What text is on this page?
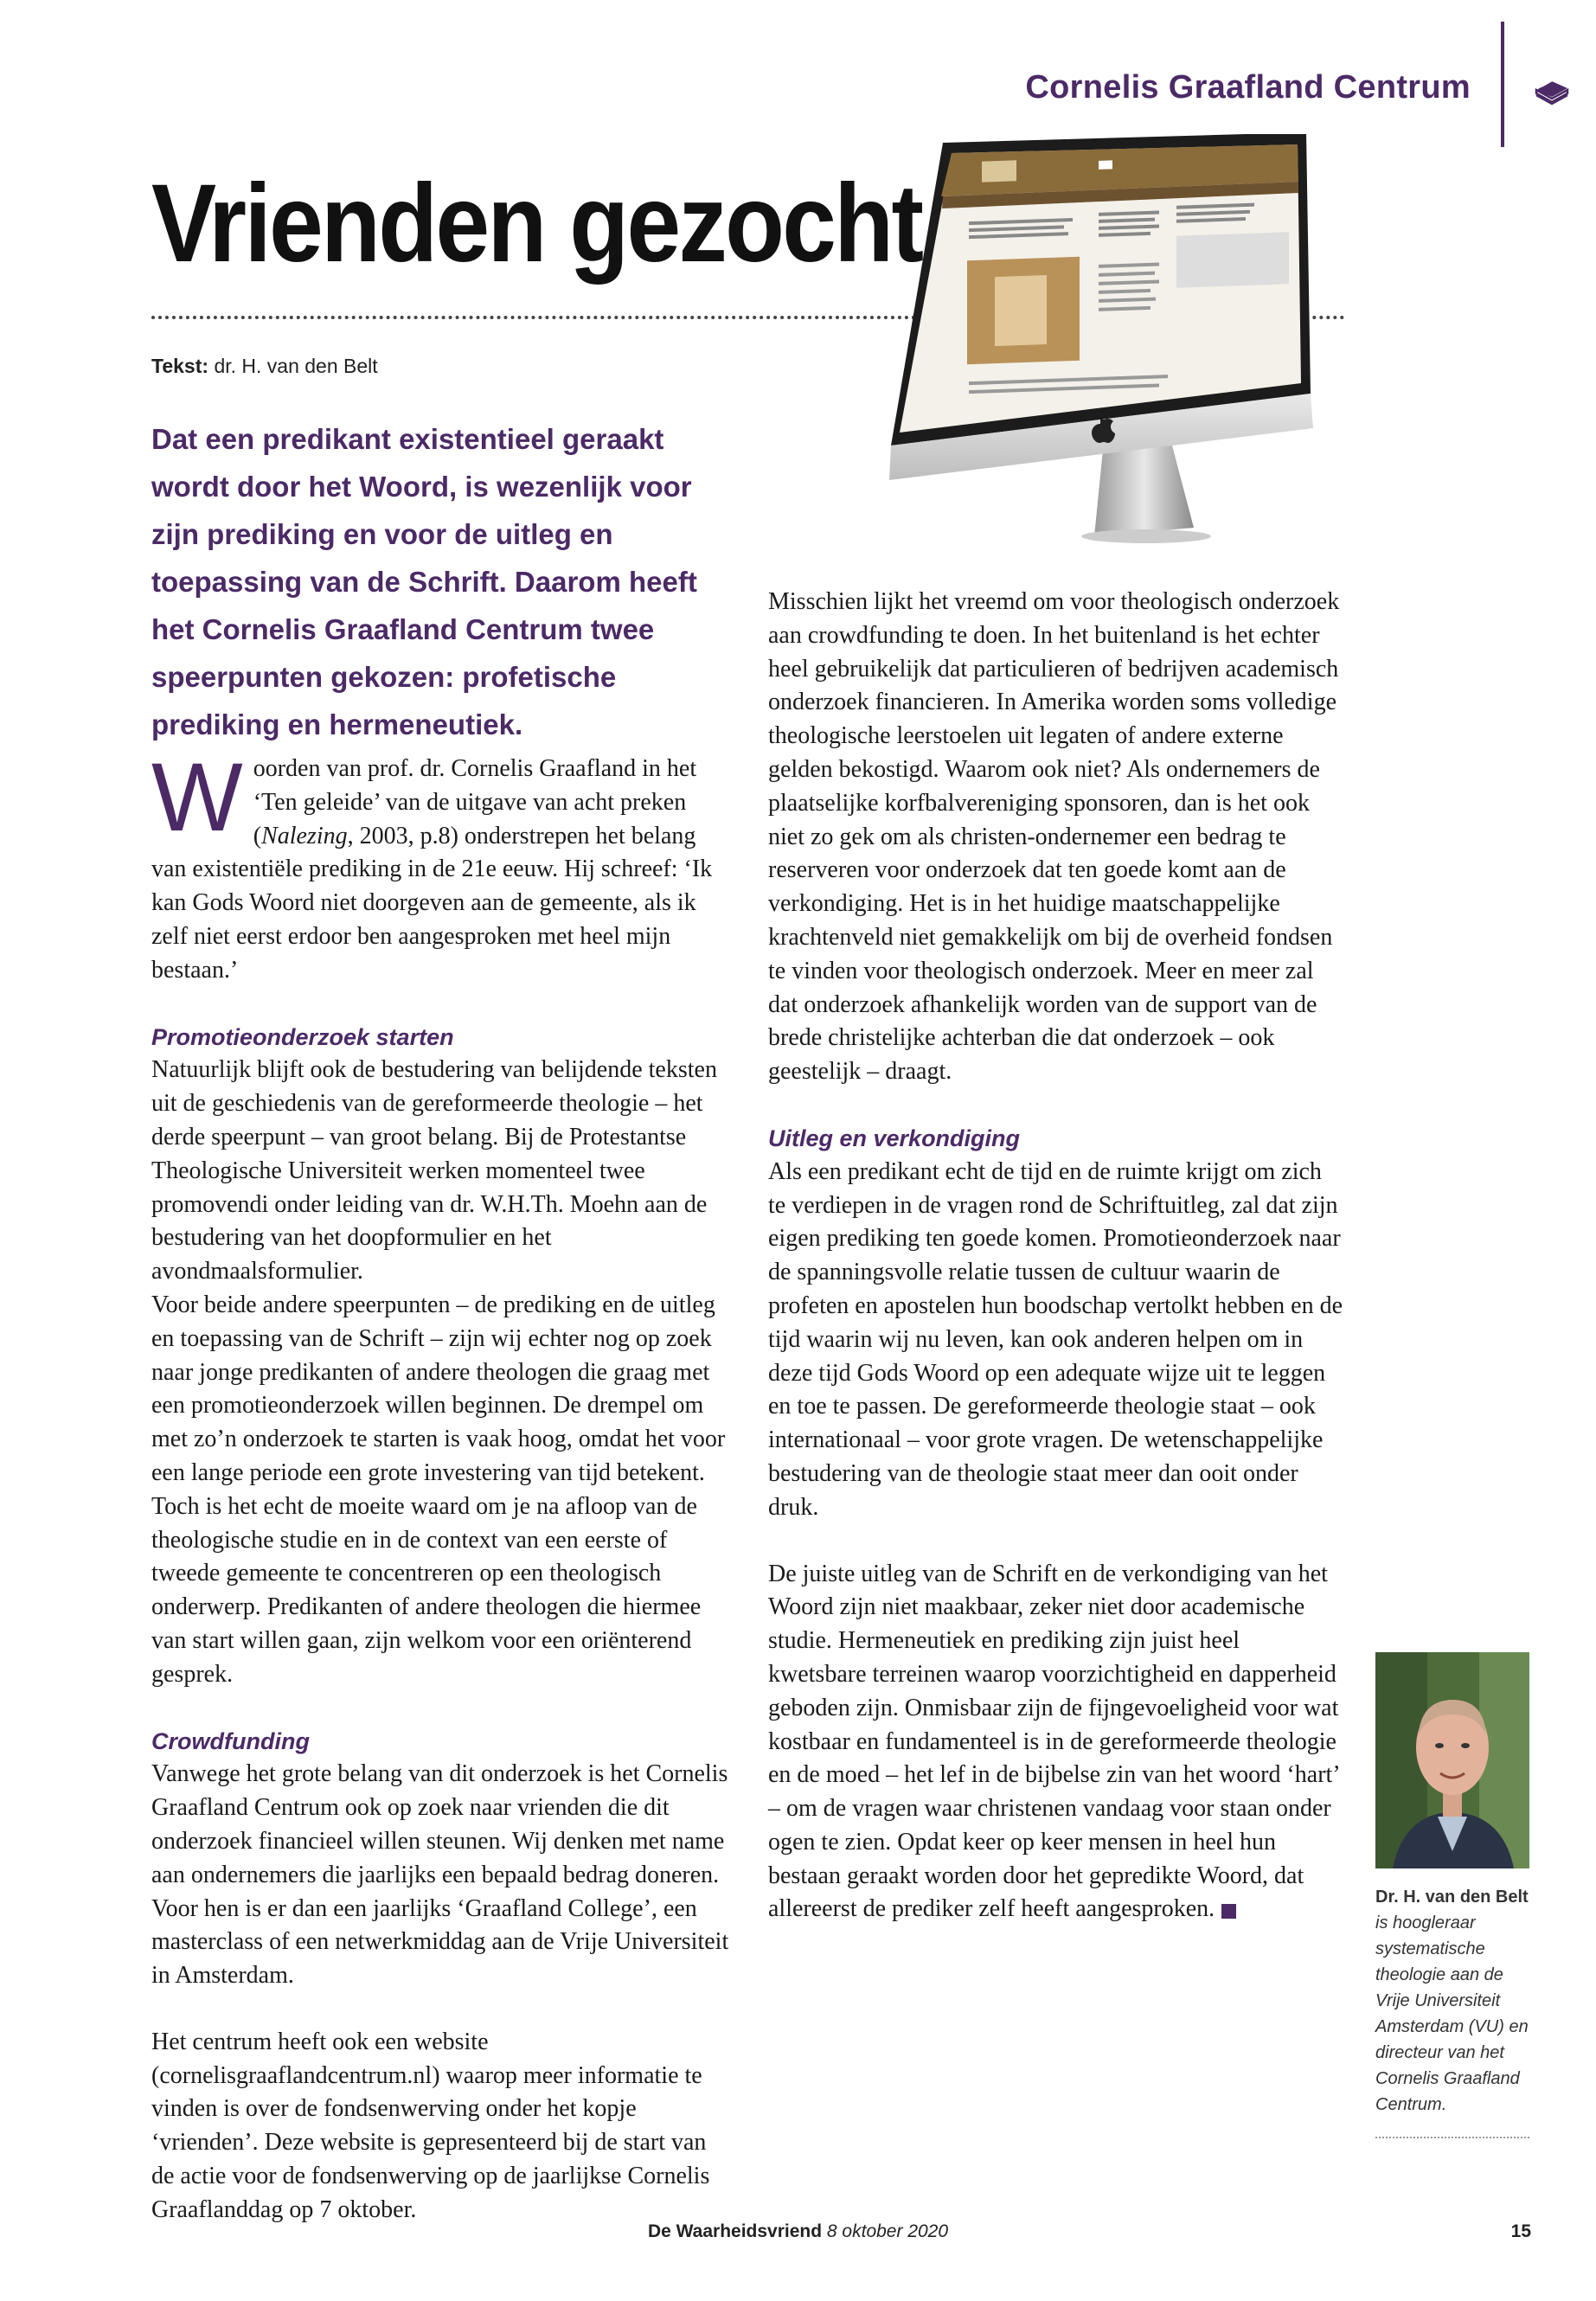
Cornelis Graafland Centrum
Vrienden gezocht
Tekst: dr. H. van den Belt
Dat een predikant existentieel geraakt wordt door het Woord, is wezenlijk voor zijn prediking en voor de uitleg en toepassing van de Schrift. Daarom heeft het Cornelis Graafland Centrum twee speerpunten gekozen: profetische prediking en hermeneutiek.

Woorden van prof. dr. Cornelis Graafland in het ‘Ten geleide’ van de uitgave van acht preken (Nalezing, 2003, p.8) onderstrepen het belang van existentiële prediking in de 21e eeuw. Hij schreef: ‘Ik kan Gods Woord niet doorgeven aan de gemeente, als ik zelf niet eerst erdoor ben aangesproken met heel mijn bestaan.’

Promotieonderzoek starten

Natuurlijk blijft ook de bestudering van belijdende teksten uit de geschiedenis van de gereformeerde theologie – het derde speerpunt – van groot belang. Bij de Protestantse Theologische Universiteit werken momenteel twee promovendi onder leiding van dr. W.H.Th. Moehn aan de bestudering van het doopformulier en het avondmaalsformulier.

Voor beide andere speerpunten – de prediking en de uitleg en toepassing van de Schrift – zijn wij echter nog op zoek naar jonge predikanten of andere theologen die graag met een promotieonderzoek willen beginnen. De drempel om met zo’n onderzoek te starten is vaak hoog, omdat het voor een lange periode een grote investering van tijd betekent. Toch is het echt de moeite waard om je na afloop van de theologische studie en in de context van een eerste of tweede gemeente te concentreren op een theologisch onderwerp. Predikanten of andere theologen die hiermee van start willen gaan, zijn welkom voor een oriënterend gesprek.

Crowdfunding

Vanwege het grote belang van dit onderzoek is het Cornelis Graafland Centrum ook op zoek naar vrienden die dit onderzoek financieel willen steunen. Wij denken met name aan ondernemers die jaarlijks een bepaald bedrag doneren. Voor hen is er dan een jaarlijks ‘Graafland College’, een masterclass of een netwerkmiddag aan de Vrije Universiteit in Amsterdam.

Het centrum heeft ook een website (cornelisgraaflandcentrum.nl) waarop meer informatie te vinden is over de fondsenwerving onder het kopje ‘vrienden’. Deze website is gepresenteerd bij de start van de actie voor de fondsenwerving op de jaarlijkse Cornelis Graaflanddag op 7 oktober.

Misschien lijkt het vreemd om voor theologisch onderzoek aan crowdfunding te doen. In het buitenland is het echter heel gebruikelijk dat particulieren of bedrijven academisch onderzoek financieren. In Amerika worden soms volledige theologische leerstoelen uit legaten of andere externe gelden bekostigd. Waarom ook niet? Als ondernemers de plaatselijke korfbalvereniging sponsoren, dan is het ook niet zo gek om als christen-ondernemer een bedrag te reserveren voor onderzoek dat ten goede komt aan de verkondiging. Het is in het huidige maatschappelijke krachtenveld niet gemakkelijk om bij de overheid fondsen te vinden voor theologisch onderzoek. Meer en meer zal dat onderzoek afhankelijk worden van de support van de brede christelijke achterban die dat onderzoek – ook geestelijk – draagt.

Uitleg en verkondiging

Als een predikant echt de tijd en de ruimte krijgt om zich te verdiepen in de vragen rond de Schriftuitleg, zal dat zijn eigen prediking ten goede komen. Promotieonderzoek naar de spanningsvolle relatie tussen de cultuur waarin de profeten en apostelen hun boodschap vertolkt hebben en de tijd waarin wij nu leven, kan ook anderen helpen om in deze tijd Gods Woord op een adequate wijze uit te leggen en toe te passen. De gereformeerde theologie staat – ook internationaal – voor grote vragen. De wetenschappelijke bestudering van de theologie staat meer dan ooit onder druk.

De juiste uitleg van de Schrift en de verkondiging van het Woord zijn niet maakbaar, zeker niet door academische studie. Hermeneutiek en prediking zijn juist heel kwetsbare terreinen waarop voorzichtigheid en dapperheid geboden zijn. Onmisbaar zijn de fijngevoeligheid voor wat kostbaar en fundamenteel is in de gereformeerde theologie en de moed – het lef in de bijbelse zin van het woord ‘hart’ – om de vragen waar christenen vandaag voor staan onder ogen te zien. Opdat keer op keer mensen in heel hun bestaan geraakt worden door het gepredikte Woord, dat allereerst de prediker zelf heeft aangesproken.	Dr. H. van den Belt
is hoogleraar systematische theologie aan de Vrije Universiteit Amsterdam (VU) en directeur van het Cornelis Graafland Centrum.
De Waarheidsvriend 8 oktober 2020	15
